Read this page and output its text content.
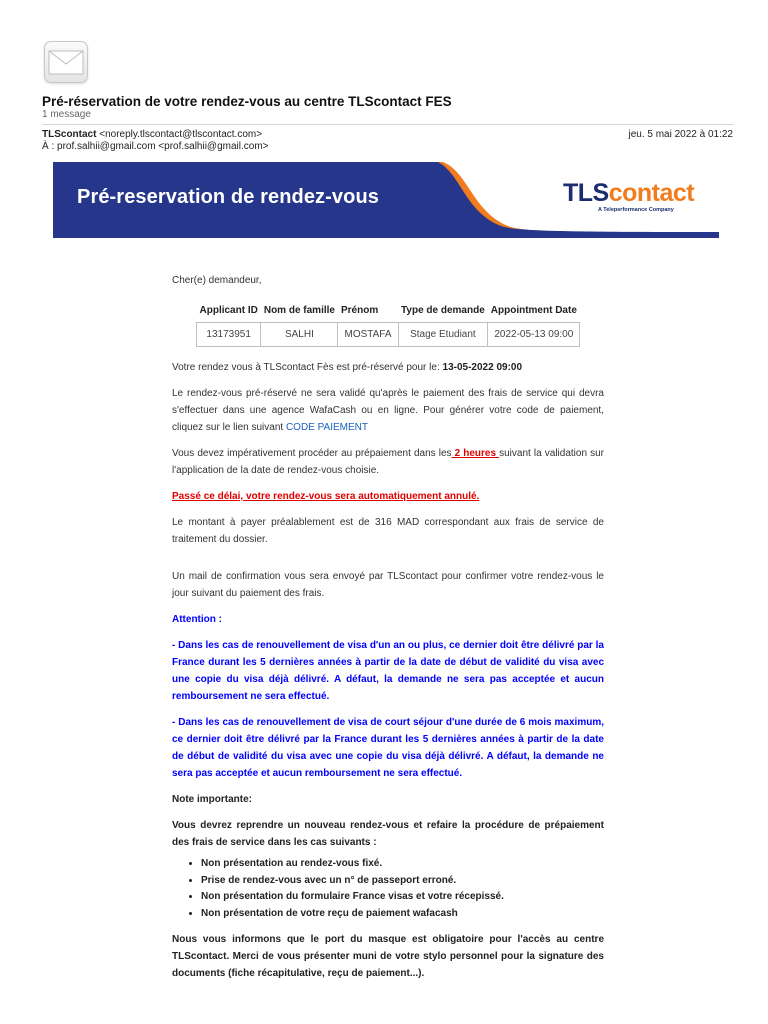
Pré-réservation de votre rendez-vous au centre TLScontact FES
1 message
TLScontact <noreply.tlscontact@tlscontact.com>
À : prof.salhii@gmail.com <prof.salhii@gmail.com>
jeu. 5 mai 2022 à 01:22
Pré-reservation de rendez-vous	TLScontact
A Teleperformance Company

Cher(e) demandeur,

Applicant ID	Nom de famille	Prénom	Type de demande	Appointment Date
13173951	SALHI	MOSTAFA	Stage Etudiant	2022-05-13 09:00

Votre rendez vous à TLScontact Fès est pré-réservé pour le: 13-05-2022 09:00

Le rendez-vous pré-réservé ne sera validé qu'après le paiement des frais de service qui devra s'effectuer dans une agence WafaCash ou en ligne. Pour générer votre code de paiement, cliquez sur le lien suivant CODE PAIEMENT

Vous devez impérativement procéder au prépaiement dans les 2 heures suivant la validation sur l'application de la date de rendez-vous choisie.

Passé ce délai, votre rendez-vous sera automatiquement annulé.

Le montant à payer préalablement est de 316 MAD correspondant aux frais de service de traitement du dossier.

Un mail de confirmation vous sera envoyé par TLScontact pour confirmer votre rendez-vous le jour suivant du paiement des frais.

Attention :

- Dans les cas de renouvellement de visa d'un an ou plus, ce dernier doit être délivré par la France durant les 5 dernières années à partir de la date de début de validité du visa avec une copie du visa déjà délivré. A défaut, la demande ne sera pas acceptée et aucun remboursement ne sera effectué.

- Dans les cas de renouvellement de visa de court séjour d'une durée de 6 mois maximum, ce dernier doit être délivré par la France durant les 5 dernières années à partir de la date de début de validité du visa avec une copie du visa déjà délivré. A défaut, la demande ne sera pas acceptée et aucun remboursement ne sera effectué.

Note importante:

Vous devrez reprendre un nouveau rendez-vous et refaire la procédure de prépaiement des frais de service dans les cas suivants :

• Non présentation au rendez-vous fixé.
• Prise de rendez-vous avec un n° de passeport erroné.
• Non présentation du formulaire France visas et votre récepissé.
• Non présentation de votre reçu de paiement wafacash

Nous vous informons que le port du masque est obligatoire pour l'accès au centre TLScontact. Merci de vous présenter muni de votre stylo personnel pour la signature des documents (fiche récapitulative, reçu de paiement...).
